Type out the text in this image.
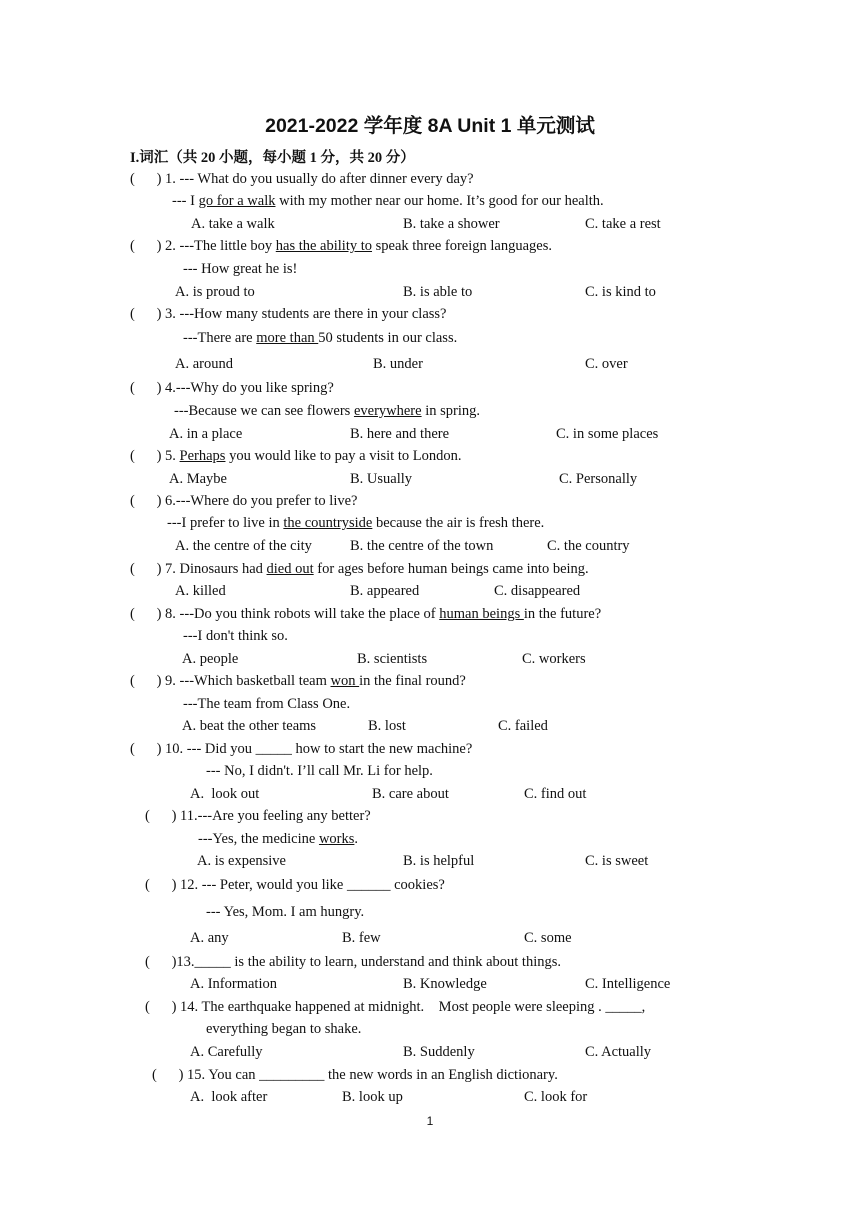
2021-2022 学年度 8A Unit 1 单元测试
I.词汇（共 20 小题，每小题 1 分，共 20 分）
(      ) 1. --- What do you usually do after dinner every day?
--- I go for a walk with my mother near our home. It’s good for our health.
A. take a walk	B. take a shower	C. take a rest
(      ) 2. ---The little boy has the ability to speak three foreign languages.
--- How great he is!
A. is proud to	B. is able to	C. is kind to
(      ) 3. ---How many students are there in your class?
---There are more than 50 students in our class.
A. around	B. under	C. over
(      ) 4.---Why do you like spring?
---Because we can see flowers everywhere in spring.
A. in a place	B. here and there	C. in some places
(      ) 5. Perhaps you would like to pay a visit to London.
A. Maybe	B. Usually	C. Personally
(      ) 6.---Where do you prefer to live?
---I prefer to live in the countryside because the air is fresh there.
A. the centre of the city	B. the centre of the town	C. the country
(      ) 7. Dinosaurs had died out for ages before human beings came into being.
A. killed	B. appeared	C. disappeared
(      ) 8. ---Do you think robots will take the place of human beings in the future?
---I don't think so.
A. people	B. scientists	C. workers
(      ) 9. ---Which basketball team won in the final round?
---The team from Class One.
A. beat the other teams	B. lost	C. failed
(      ) 10. --- Did you _____ how to start the new machine?
--- No, I didn't. I’ll call Mr. Li for help.
A.  look out	B. care about	C. find out
(      ) 11.---Are you feeling any better?
---Yes, the medicine works.
A. is expensive	B. is helpful	C. is sweet
(      ) 12. --- Peter, would you like ______ cookies?
--- Yes, Mom. I am hungry.
A. any	B. few	C. some
(      )13._____ is the ability to learn, understand and think about things.
A. Information	B. Knowledge	C. Intelligence
(      ) 14. The earthquake happened at midnight.    Most people were sleeping . _____,
everything began to shake.
A. Carefully	B. Suddenly	C. Actually
(      ) 15. You can _________ the new words in an English dictionary.
A.  look after	B. look up	C. look for
1
